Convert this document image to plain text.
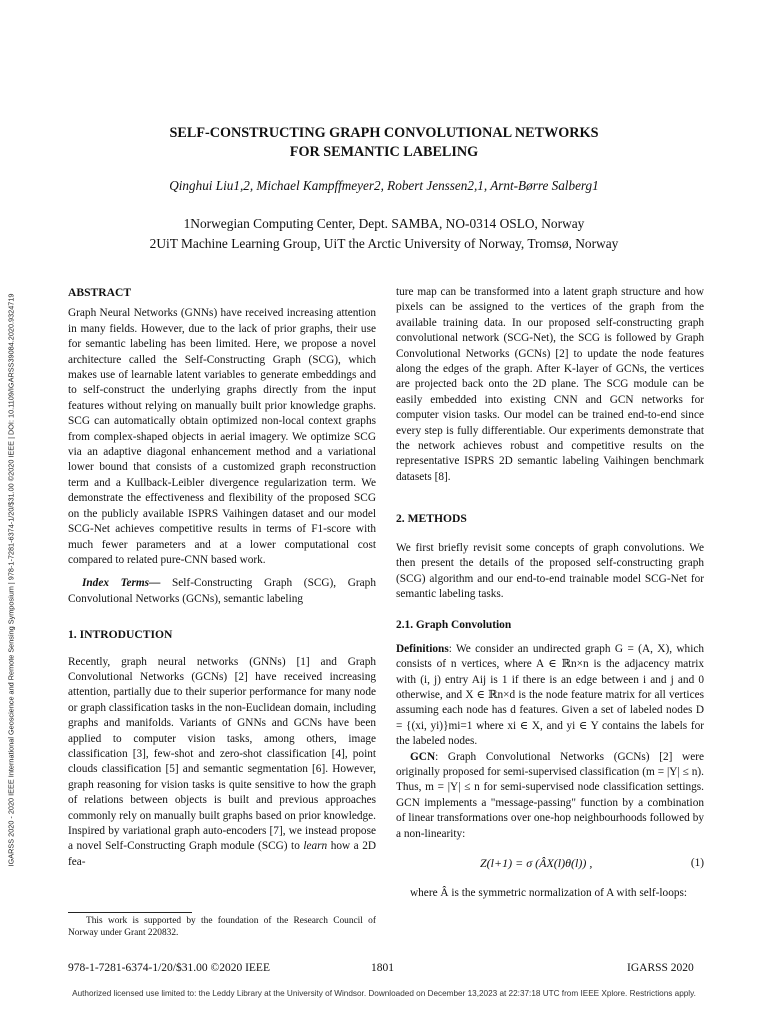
IGARSS 2020 - 2020 IEEE International Geoscience and Remote Sensing Symposium | 978-1-7281-6374-1/20/$31.00 ©2020 IEEE | DOI: 10.1109/IGARSS39084.2020.9324719
SELF-CONSTRUCTING GRAPH CONVOLUTIONAL NETWORKS
FOR SEMANTIC LABELING
Qinghui Liu1,2, Michael Kampffmeyer2, Robert Jenssen2,1, Arnt-Børre Salberg1
1Norwegian Computing Center, Dept. SAMBA, NO-0314 OSLO, Norway
2UiT Machine Learning Group, UiT the Arctic University of Norway, Tromsø, Norway

ABSTRACT

Graph Neural Networks (GNNs) have received increasing attention in many fields. However, due to the lack of prior graphs, their use for semantic labeling has been limited. Here, we propose a novel architecture called the Self-Constructing Graph (SCG), which makes use of learnable latent variables to generate embeddings and to self-construct the underlying graphs directly from the input features without relying on manually built prior knowledge graphs. SCG can automatically obtain optimized non-local context graphs from complex-shaped objects in aerial imagery. We optimize SCG via an adaptive diagonal enhancement method and a variational lower bound that consists of a customized graph reconstruction term and a Kullback-Leibler divergence regularization term. We demonstrate the effectiveness and flexibility of the proposed SCG on the publicly available ISPRS Vaihingen dataset and our model SCG-Net achieves competitive results in terms of F1-score with much fewer parameters and at a lower computational cost compared to related pure-CNN based work.

Index Terms— Self-Constructing Graph (SCG), Graph Convolutional Networks (GCNs), semantic labeling

1. INTRODUCTION

Recently, graph neural networks (GNNs) [1] and Graph Convolutional Networks (GCNs) [2] have received increasing attention, partially due to their superior performance for many node or graph classification tasks in the non-Euclidean domain, including graphs and manifolds. Variants of GNNs and GCNs have been applied to computer vision tasks, among others, image classification [3], few-shot and zero-shot classification [4], point clouds classification [5] and semantic segmentation [6]. However, graph reasoning for vision tasks is quite sensitive to how the graph of relations between objects is built and previous approaches commonly rely on manually built graphs based on prior knowledge. Inspired by variational graph auto-encoders [7], we instead propose a novel Self-Constructing Graph module (SCG) to learn how a 2D fea-

This work is supported by the foundation of the Research Council of Norway under Grant 220832.

ture map can be transformed into a latent graph structure and how pixels can be assigned to the vertices of the graph from the available training data. In our proposed self-constructing graph convolutional network (SCG-Net), the SCG is followed by Graph Convolutional Networks (GCNs) [2] to update the node features along the edges of the graph. After K-layer of GCNs, the vertices are projected back onto the 2D plane. The SCG module can be easily embedded into existing CNN and GCN networks for computer vision tasks. Our model can be trained end-to-end since every step is fully differentiable. Our experiments demonstrate that the network achieves robust and competitive results on the representative ISPRS 2D semantic labeling Vaihingen benchmark datasets [8].

2. METHODS

We first briefly revisit some concepts of graph convolutions. We then present the details of the proposed self-constructing graph (SCG) algorithm and our end-to-end trainable model SCG-Net for semantic labeling tasks.

2.1. Graph Convolution

Definitions: We consider an undirected graph G = (A, X), which consists of n vertices, where A ∈ ℝn×n is the adjacency matrix with (i, j) entry Aij is 1 if there is an edge between i and j and 0 otherwise, and X ∈ ℝn×d is the node feature matrix for all vertices assuming each node has d features. Given a set of labeled nodes D = {(xi, yi)}mi=1 where xi ∈ X, and yi ∈ Y contains the labels for the labeled nodes.

GCN: Graph Convolutional Networks (GCNs) [2] were originally proposed for semi-supervised classification (m = |Y| ≤ n). Thus, m = |Y| ≤ n for semi-supervised node classification settings. GCN implements a "message-passing" function by a combination of linear transformations over one-hop neighbourhoods followed by a non-linearity:

Z(l+1) = σ (ÂX(l)θ(l)) ,	(1)

where Â is the symmetric normalization of A with self-loops:

978-1-7281-6374-1/20/$31.00 ©2020 IEEE	1801	IGARSS 2020
Authorized licensed use limited to: the Leddy Library at the University of Windsor. Downloaded on December 13,2023 at 22:37:18 UTC from IEEE Xplore. Restrictions apply.
